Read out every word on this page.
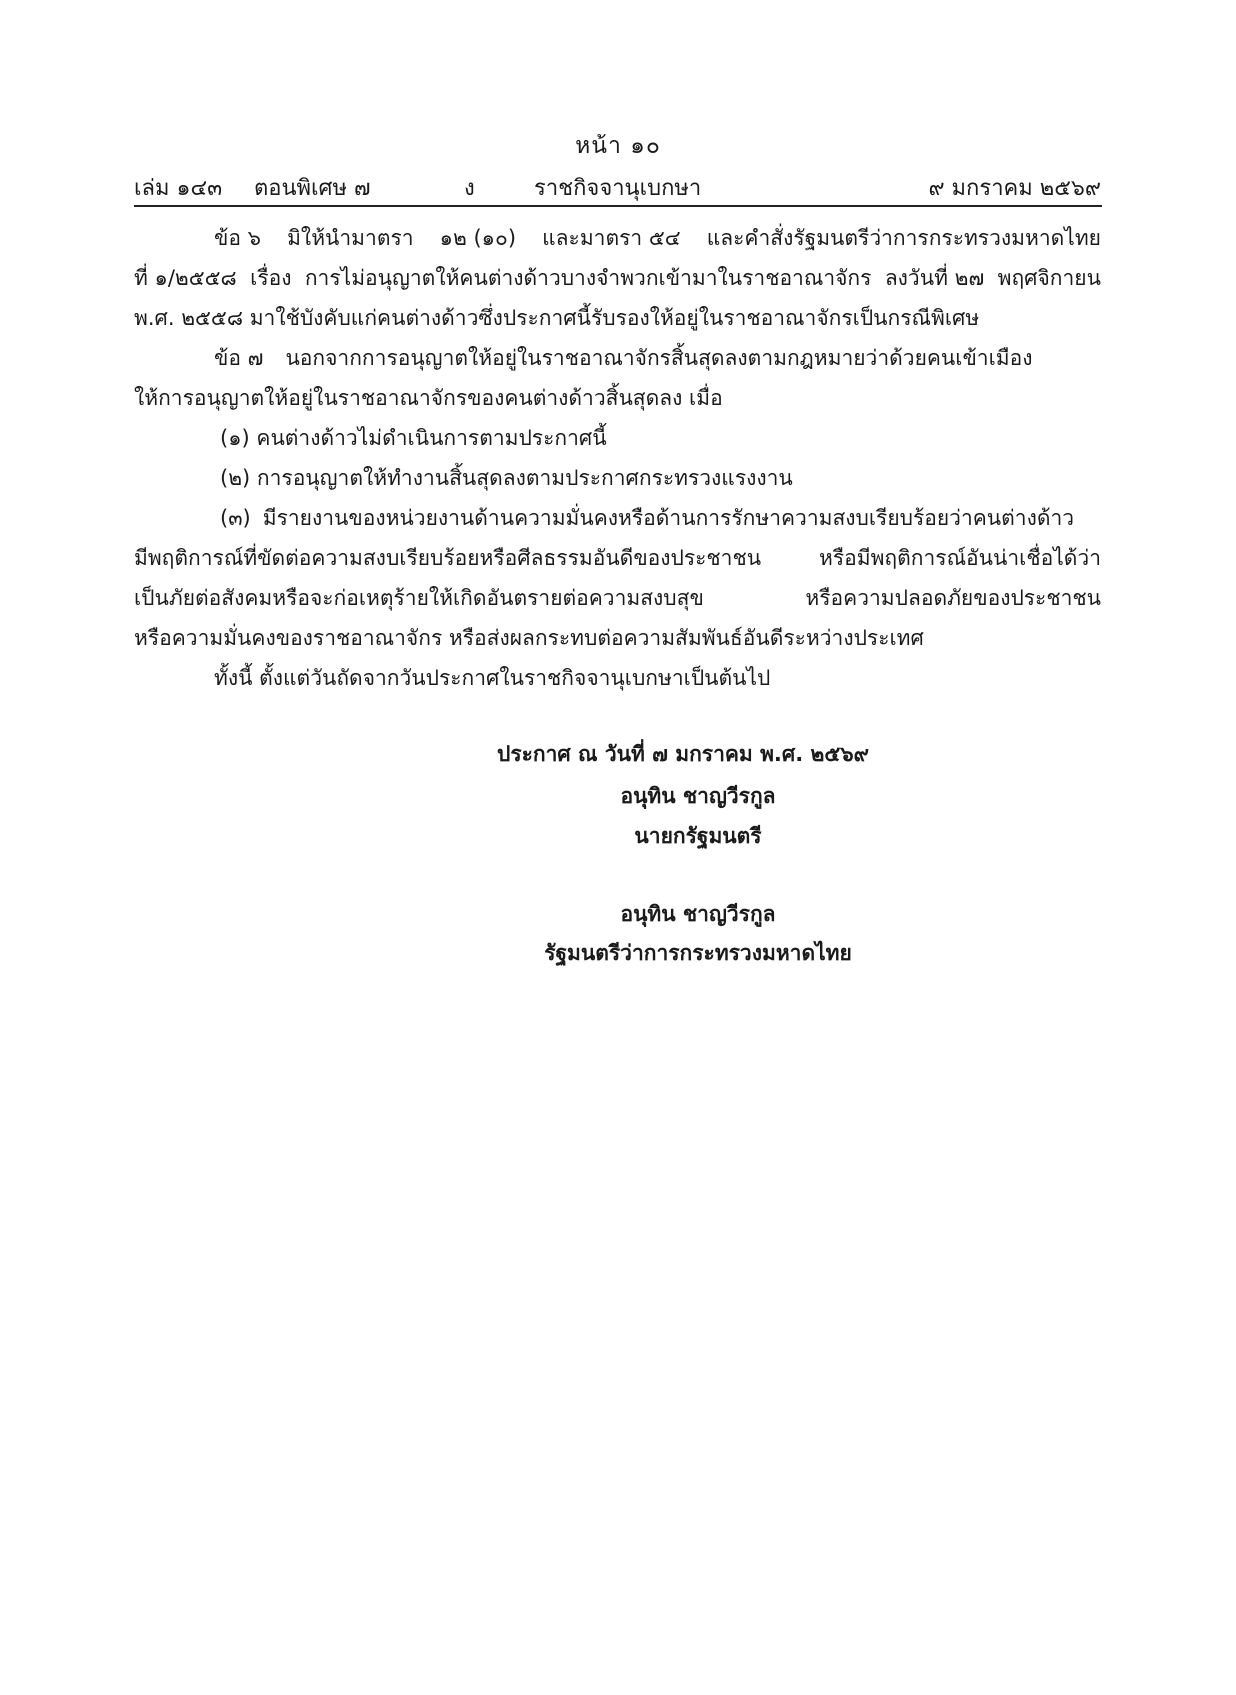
หน้า ๑๐
เล่ม ๑๔๓ ตอนพิเศษ ๗	ง	ราชกิจจานุเบกษา	๙ มกราคม ๒๕๖๙
ข้อ ๖ มิให้นำมาตรา ๑๒ (๑๐) และมาตรา ๕๔ และคำสั่งรัฐมนตรีว่าการกระทรวงมหาดไทย
ที่ ๑/๒๕๕๘ เรื่อง การไม่อนุญาตให้คนต่างด้าวบางจำพวกเข้ามาในราชอาณาจักร ลงวันที่ ๒๗ พฤศจิกายน
พ.ศ. ๒๕๕๘ มาใช้บังคับแก่คนต่างด้าวซึ่งประกาศนี้รับรองให้อยู่ในราชอาณาจักรเป็นกรณีพิเศษ
ข้อ ๗ นอกจากการอนุญาตให้อยู่ในราชอาณาจักรสิ้นสุดลงตามกฎหมายว่าด้วยคนเข้าเมือง
ให้การอนุญาตให้อยู่ในราชอาณาจักรของคนต่างด้าวสิ้นสุดลง เมื่อ
(๑) คนต่างด้าวไม่ดำเนินการตามประกาศนี้
(๒) การอนุญาตให้ทำงานสิ้นสุดลงตามประกาศกระทรวงแรงงาน
(๓) มีรายงานของหน่วยงานด้านความมั่นคงหรือด้านการรักษาความสงบเรียบร้อยว่าคนต่างด้าว
มีพฤติการณ์ที่ขัดต่อความสงบเรียบร้อยหรือศีลธรรมอันดีของประชาชน	หรือมีพฤติการณ์อันน่าเชื่อได้ว่า
เป็นภัยต่อสังคมหรือจะก่อเหตุร้ายให้เกิดอันตรายต่อความสงบสุข	หรือความปลอดภัยของประชาชน
หรือความมั่นคงของราชอาณาจักร หรือส่งผลกระทบต่อความสัมพันธ์อันดีระหว่างประเทศ
ทั้งนี้ ตั้งแต่วันถัดจากวันประกาศในราชกิจจานุเบกษาเป็นต้นไป
ประกาศ ณ วันที่ ๗ มกราคม พ.ศ. ๒๕๖๙
อนุทิน ชาญวีรกูล
นายกรัฐมนตรี
อนุทิน ชาญวีรกูล
รัฐมนตรีว่าการกระทรวงมหาดไทย
